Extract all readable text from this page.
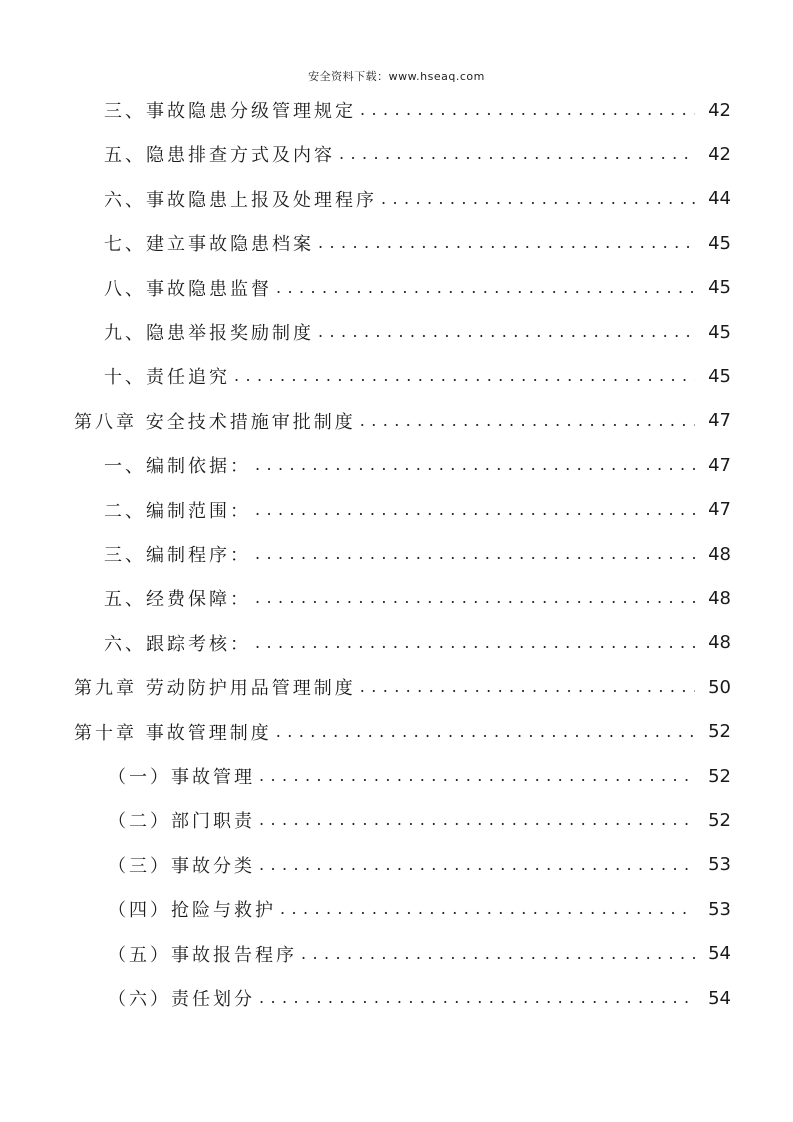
安全资料下载：www.hseaq.com
三、事故隐患分级管理规定 .....	42
五、隐患排查方式及内容 .....	42
六、事故隐患上报及处理程序 .....	44
七、建立事故隐患档案 .....	45
八、事故隐患监督 .....	45
九、隐患举报奖励制度 .....	45
十、责任追究 .....	45
第八章 安全技术措施审批制度 .....	47
一、编制依据： .....	47
二、编制范围： .....	47
三、编制程序： .....	48
五、经费保障： .....	48
六、跟踪考核： .....	48
第九章 劳动防护用品管理制度 .....	50
第十章 事故管理制度 .....	52
（一）事故管理 .....	52
（二）部门职责 .....	52
（三）事故分类 .....	53
（四）抢险与救护 .....	53
（五）事故报告程序 .....	54
（六）责任划分 .....	54
